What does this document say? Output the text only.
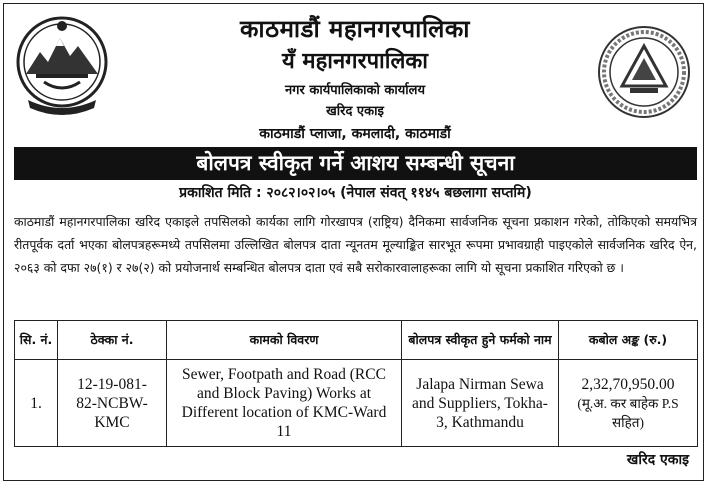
काठमाडौं महानगरपालिका
यँ महानगरपालिका
नगर कार्यपालिकाको कार्यालय
खरिद एकाइ
काठमाडौं प्लाजा, कमलादी, काठमाडौं
बोलपत्र स्वीकृत गर्ने आशय सम्बन्धी सूचना
प्रकाशित मिति : २०८२।०२।०५ (नेपाल संवत् ११४५ बछलागा सप्तमि)
काठमाडौं महानगरपालिका खरिद एकाइले तपसिलको कार्यका लागि गोरखापत्र (राष्ट्रिय) दैनिकमा सार्वजनिक सूचना प्रकाशन गरेको, तोकिएको समयभित्र रीतपूर्वक दर्ता भएका बोलपत्रहरूमध्ये तपसिलमा उल्लिखित बोलपत्र दाता न्यूनतम मूल्याङ्कित सारभूत रूपमा प्रभावग्राही पाइएकोले सार्वजनिक खरिद ऐन, २०६३ को दफा २७(१) र २७(२) को प्रयोजनार्थ सम्बन्धित बोलपत्र दाता एवं सबै सरोकारवालाहरूका लागि यो सूचना प्रकाशित गरिएको छ ।
सि. नं.	ठेक्का नं.	कामको विवरण	बोलपत्र स्वीकृत हुने फर्मको नाम	कबोल अङ्क (रु.)
1.	12-19-081-82-NCBW-KMC	Sewer, Footpath and Road (RCC and Block Paving) Works at Different location of KMC-Ward 11	Jalapa Nirman Sewa and Suppliers, Tokha-3, Kathmandu	2,32,70,950.00
(मू.अ. कर बाहेक P.S सहित)
खरिद एकाइ
